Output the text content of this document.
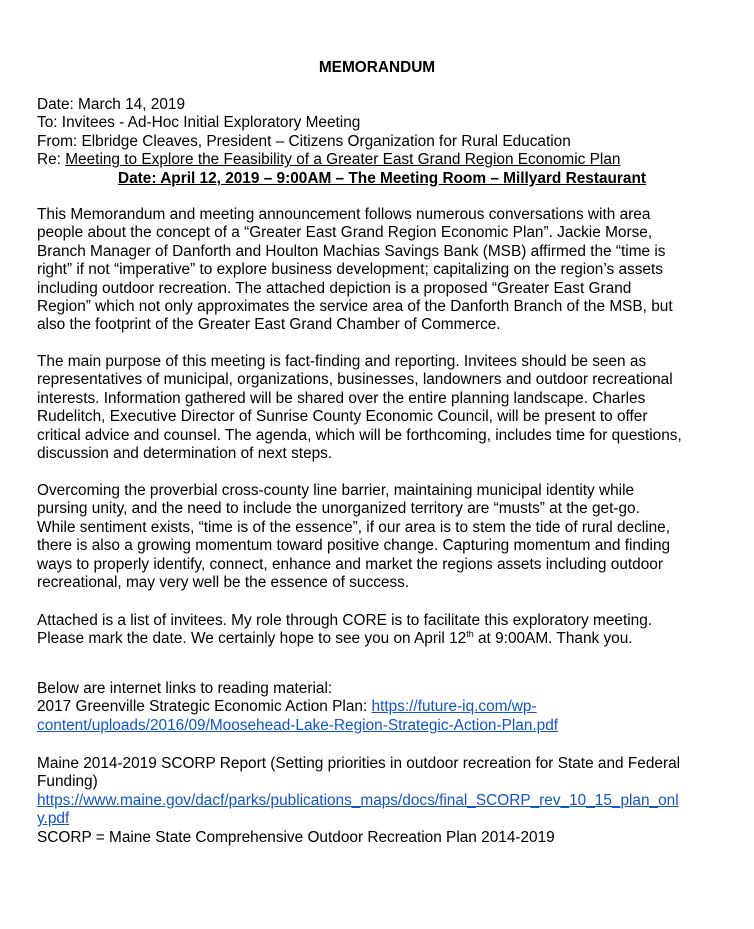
MEMORANDUM
Date: March 14, 2019
To: Invitees - Ad-Hoc Initial Exploratory Meeting
From: Elbridge Cleaves, President – Citizens Organization for Rural Education
Re: Meeting to Explore the Feasibility of a Greater East Grand Region Economic Plan
Date: April 12, 2019 – 9:00AM – The Meeting Room – Millyard Restaurant
This Memorandum and meeting announcement follows numerous conversations with area
people about the concept of a “Greater East Grand Region Economic Plan”. Jackie Morse,
Branch Manager of Danforth and Houlton Machias Savings Bank (MSB) affirmed the “time is
right” if not “imperative” to explore business development; capitalizing on the region’s assets
including outdoor recreation. The attached depiction is a proposed “Greater East Grand
Region” which not only approximates the service area of the Danforth Branch of the MSB, but
also the footprint of the Greater East Grand Chamber of Commerce.
The main purpose of this meeting is fact-finding and reporting. Invitees should be seen as
representatives of municipal, organizations, businesses, landowners and outdoor recreational
interests. Information gathered will be shared over the entire planning landscape. Charles
Rudelitch, Executive Director of Sunrise County Economic Council, will be present to offer
critical advice and counsel. The agenda, which will be forthcoming, includes time for questions,
discussion and determination of next steps.
Overcoming the proverbial cross-county line barrier, maintaining municipal identity while
pursing unity, and the need to include the unorganized territory are “musts” at the get-go.
While sentiment exists, “time is of the essence”, if our area is to stem the tide of rural decline,
there is also a growing momentum toward positive change. Capturing momentum and finding
ways to properly identify, connect, enhance and market the regions assets including outdoor
recreational, may very well be the essence of success.
Attached is a list of invitees. My role through CORE is to facilitate this exploratory meeting.
Please mark the date. We certainly hope to see you on April 12th at 9:00AM. Thank you.
Below are internet links to reading material:
2017 Greenville Strategic Economic Action Plan: https://future-iq.com/wp-
content/uploads/2016/09/Moosehead-Lake-Region-Strategic-Action-Plan.pdf
Maine 2014-2019 SCORP Report (Setting priorities in outdoor recreation for State and Federal
Funding)
https://www.maine.gov/dacf/parks/publications_maps/docs/final_SCORP_rev_10_15_plan_onl
y.pdf
SCORP = Maine State Comprehensive Outdoor Recreation Plan 2014-2019
